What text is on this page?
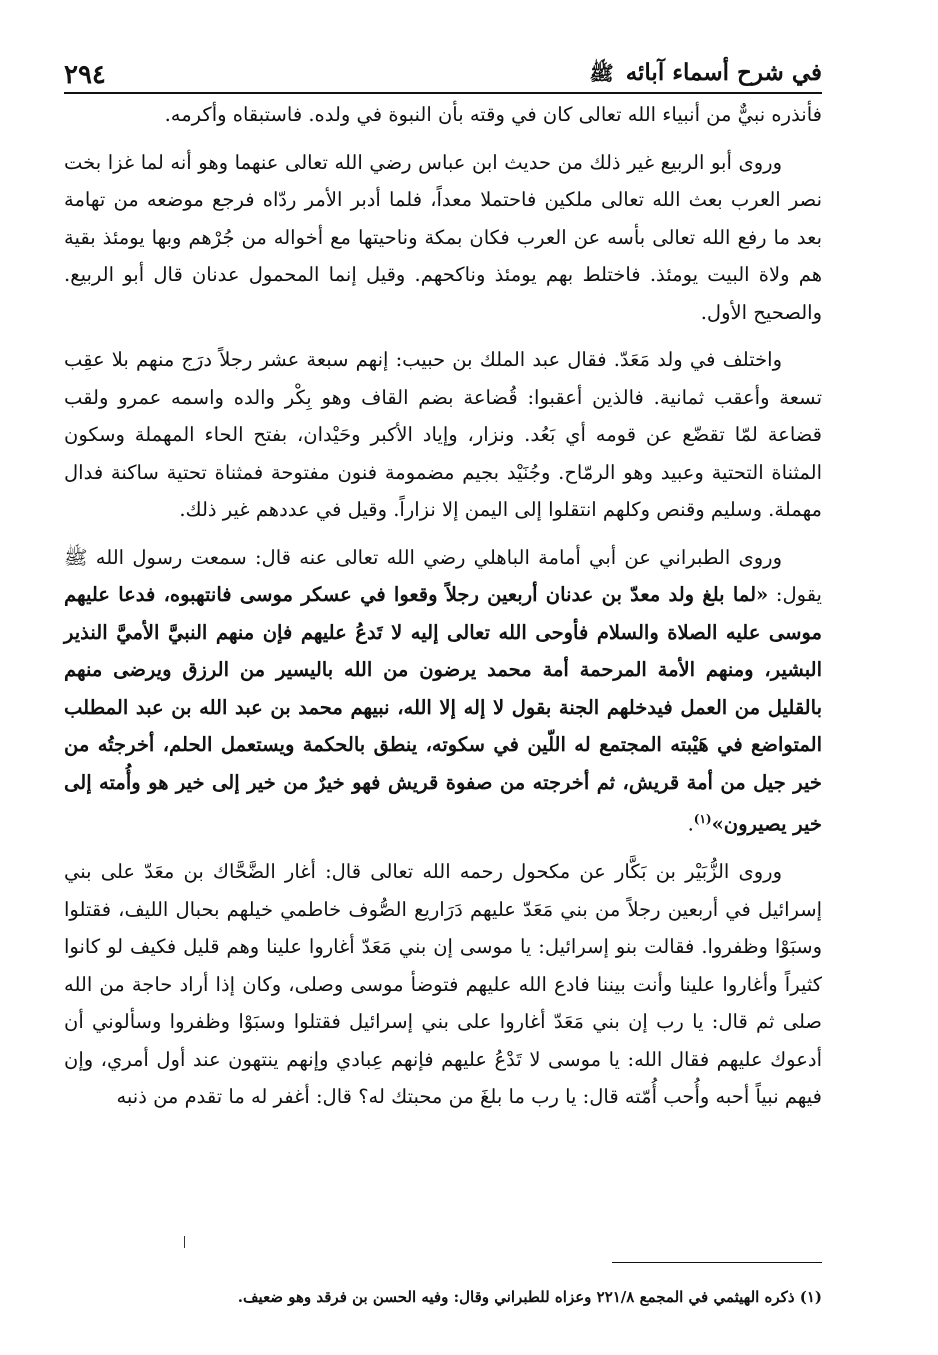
في شرح أسماء آبائه ﷺ
٢٩٤

فأنذره نبيٌّ من أنبياء الله تعالى كان في وقته بأن النبوة في ولده. فاستبقاه وأكرمه.

وروى أبو الربيع غير ذلك من حديث ابن عباس رضي الله تعالى عنهما وهو أنه لما غزا بخت نصر العرب بعث الله تعالى ملكين فاحتملا معداً، فلما أدبر الأمر ردّاه فرجع موضعه من تهامة بعد ما رفع الله تعالى بأسه عن العرب فكان بمكة وناحيتها مع أخواله من جُرْهم وبها يومئذ بقية هم ولاة البيت يومئذ. فاختلط بهم يومئذ وناكحهم. وقيل إنما المحمول عدنان قال أبو الربيع. والصحيح الأول.

واختلف في ولد مَعَدّ. فقال عبد الملك بن حبيب: إنهم سبعة عشر رجلاً درَج منهم بلا عقِب تسعة وأعقب ثمانية. فالذين أعقبوا: قُضاعة بضم القاف وهو بِكْر والده واسمه عمرو ولقب قضاعة لمّا تقضّع عن قومه أي بَعُد. ونزار، وإياد الأكبر وحَيْدان، بفتح الحاء المهملة وسكون المثناة التحتية وعبيد وهو الرمّاح. وجُنَيْد بجيم مضمومة فنون مفتوحة فمثناة تحتية ساكنة فدال مهملة. وسليم وقنص وكلهم انتقلوا إلى اليمن إلا نزاراً. وقيل في عددهم غير ذلك.

وروى الطبراني عن أبي أمامة الباهلي رضي الله تعالى عنه قال: سمعت رسول الله ﷺ يقول: «لما بلغ ولد معدّ بن عدنان أربعين رجلاً وقعوا في عسكر موسى فانتهبوه، فدعا عليهم موسى عليه الصلاة والسلام فأوحى الله تعالى إليه لا تَدعُ عليهم فإن منهم النبيَّ الأميَّ النذير البشير، ومنهم الأمة المرحمة أمة محمد يرضون من الله باليسير من الرزق ويرضى منهم بالقليل من العمل فيدخلهم الجنة بقول لا إله إلا الله، نبيهم محمد بن عبد الله بن عبد المطلب المتواضع في هَيْبته المجتمع له اللّين في سكوته، ينطق بالحكمة ويستعمل الحلم، أخرجتُه من خير جيل من أمة قريش، ثم أخرجته من صفوة قريش فهو خيرٌ من خير إلى خير هو وأُمته إلى خير يصيرون»$^{(١)}$.

وروى الزُّبَيْر بن بَكَّار عن مكحول رحمه الله تعالى قال: أغار الضَّحَّاك بن معَدّ على بني إسرائيل في أربعين رجلاً من بني مَعَدّ عليهم دَرَاريع الصُّوف خاطمي خيلهم بحبال الليف، فقتلوا وسبَوْا وظفروا. فقالت بنو إسرائيل: يا موسى إن بني مَعَدّ أغاروا علينا وهم قليل فكيف لو كانوا كثيراً وأغاروا علينا وأنت بيننا فادع الله عليهم فتوضأ موسى وصلى، وكان إذا أراد حاجة من الله صلى ثم قال: يا رب إن بني مَعَدّ أغاروا على بني إسرائيل فقتلوا وسبَوْا وظفروا وسألوني أن أدعوك عليهم فقال الله: يا موسى لا تَدْعُ عليهم فإنهم عِبادي وإنهم ينتهون عند أول أمري، وإن فيهم نبياً أحبه وأُحب أُمّته قال: يا رب ما بلغَ من محبتك له؟ قال: أغفر له ما تقدم من ذنبه

(١) ذكره الهيثمي في المجمع ٢٢١/٨ وعزاه للطبراني وقال: وفيه الحسن بن فرقد وهو ضعيف.
